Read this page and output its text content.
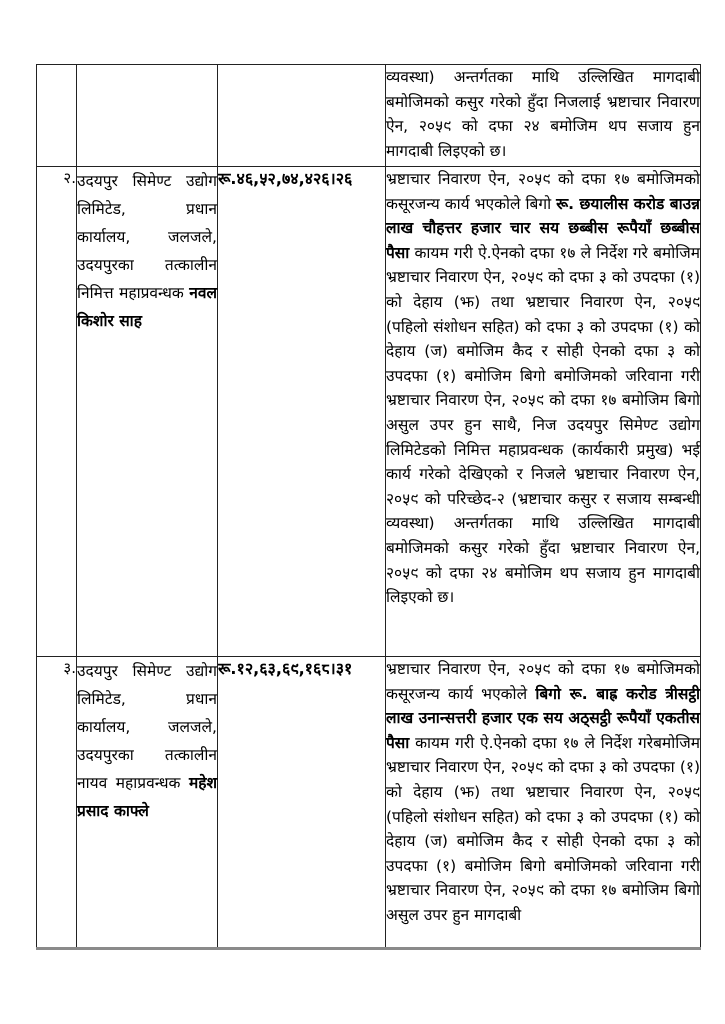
			व्यवस्था) अन्तर्गतका माथि उल्लिखित मागदाबी बमोजिमको कसुर गरेको हुँदा निजलाई भ्रष्टाचार निवारण ऐन, २०५९ को दफा २४ बमोजिम थप सजाय हुन मागदाबी लिइएको छ।
२.	उदयपुर सिमेण्ट उद्योग लिमिटेड, प्रधान कार्यालय, जलजले, उदयपुरका तत्कालीन निमित्त महाप्रवन्धक नवल किशोर साह	रू.४६,५२,७४,४२६।२६	भ्रष्टाचार निवारण ऐन, २०५९ को दफा १७ बमोजिमको कसूरजन्य कार्य भएकोले बिगो रू. छयालीस करोड बाउन्न लाख चौहत्तर हजार चार सय छब्बीस रूपैयाँ छब्बीस पैसा कायम गरी ऐ.ऐनको दफा १७ ले निर्देश गरे बमोजिम भ्रष्टाचार निवारण ऐन, २०५९ को दफा ३ को उपदफा (१) को देहाय (झ) तथा भ्रष्टाचार निवारण ऐन, २०५९ (पहिलो संशोधन सहित) को दफा ३ को उपदफा (१) को देहाय (ज) बमोजिम कैद र सोही ऐनको दफा ३ को उपदफा (१) बमोजिम बिगो बमोजिमको जरिवाना गरी भ्रष्टाचार निवारण ऐन, २०५९ को दफा १७ बमोजिम बिगो असुल उपर हुन साथै, निज उदयपुर सिमेण्ट उद्योग लिमिटेडको निमित्त महाप्रवन्धक (कार्यकारी प्रमुख) भई कार्य गरेको देखिएको र निजले भ्रष्टाचार निवारण ऐन, २०५९ को परिच्छेद-२ (भ्रष्टाचार कसुर र सजाय सम्बन्धी व्यवस्था) अन्तर्गतका माथि उल्लिखित मागदाबी बमोजिमको कसुर गरेको हुँदा भ्रष्टाचार निवारण ऐन, २०५९ को दफा २४ बमोजिम थप सजाय हुन मागदाबी लिइएको छ।
३.	उदयपुर सिमेण्ट उद्योग लिमिटेड, प्रधान कार्यालय, जलजले, उदयपुरका तत्कालीन नायव महाप्रवन्धक महेश प्रसाद काफ्ले	रू.१२,६३,६९,१६८।३१	भ्रष्टाचार निवारण ऐन, २०५९ को दफा १७ बमोजिमको कसूरजन्य कार्य भएकोले बिगो रू. बाह्र करोड त्रीसट्ठी लाख उनान्सत्तरी हजार एक सय अठ्सट्ठी रूपैयाँ एकतीस पैसा कायम गरी ऐ.ऐनको दफा १७ ले निर्देश गरेबमोजिम भ्रष्टाचार निवारण ऐन, २०५९ को दफा ३ को उपदफा (१) को देहाय (झ) तथा भ्रष्टाचार निवारण ऐन, २०५९ (पहिलो संशोधन सहित) को दफा ३ को उपदफा (१) को देहाय (ज) बमोजिम कैद र सोही ऐनको दफा ३ को उपदफा (१) बमोजिम बिगो बमोजिमको जरिवाना गरी भ्रष्टाचार निवारण ऐन, २०५९ को दफा १७ बमोजिम बिगो असुल उपर हुन मागदाबी
